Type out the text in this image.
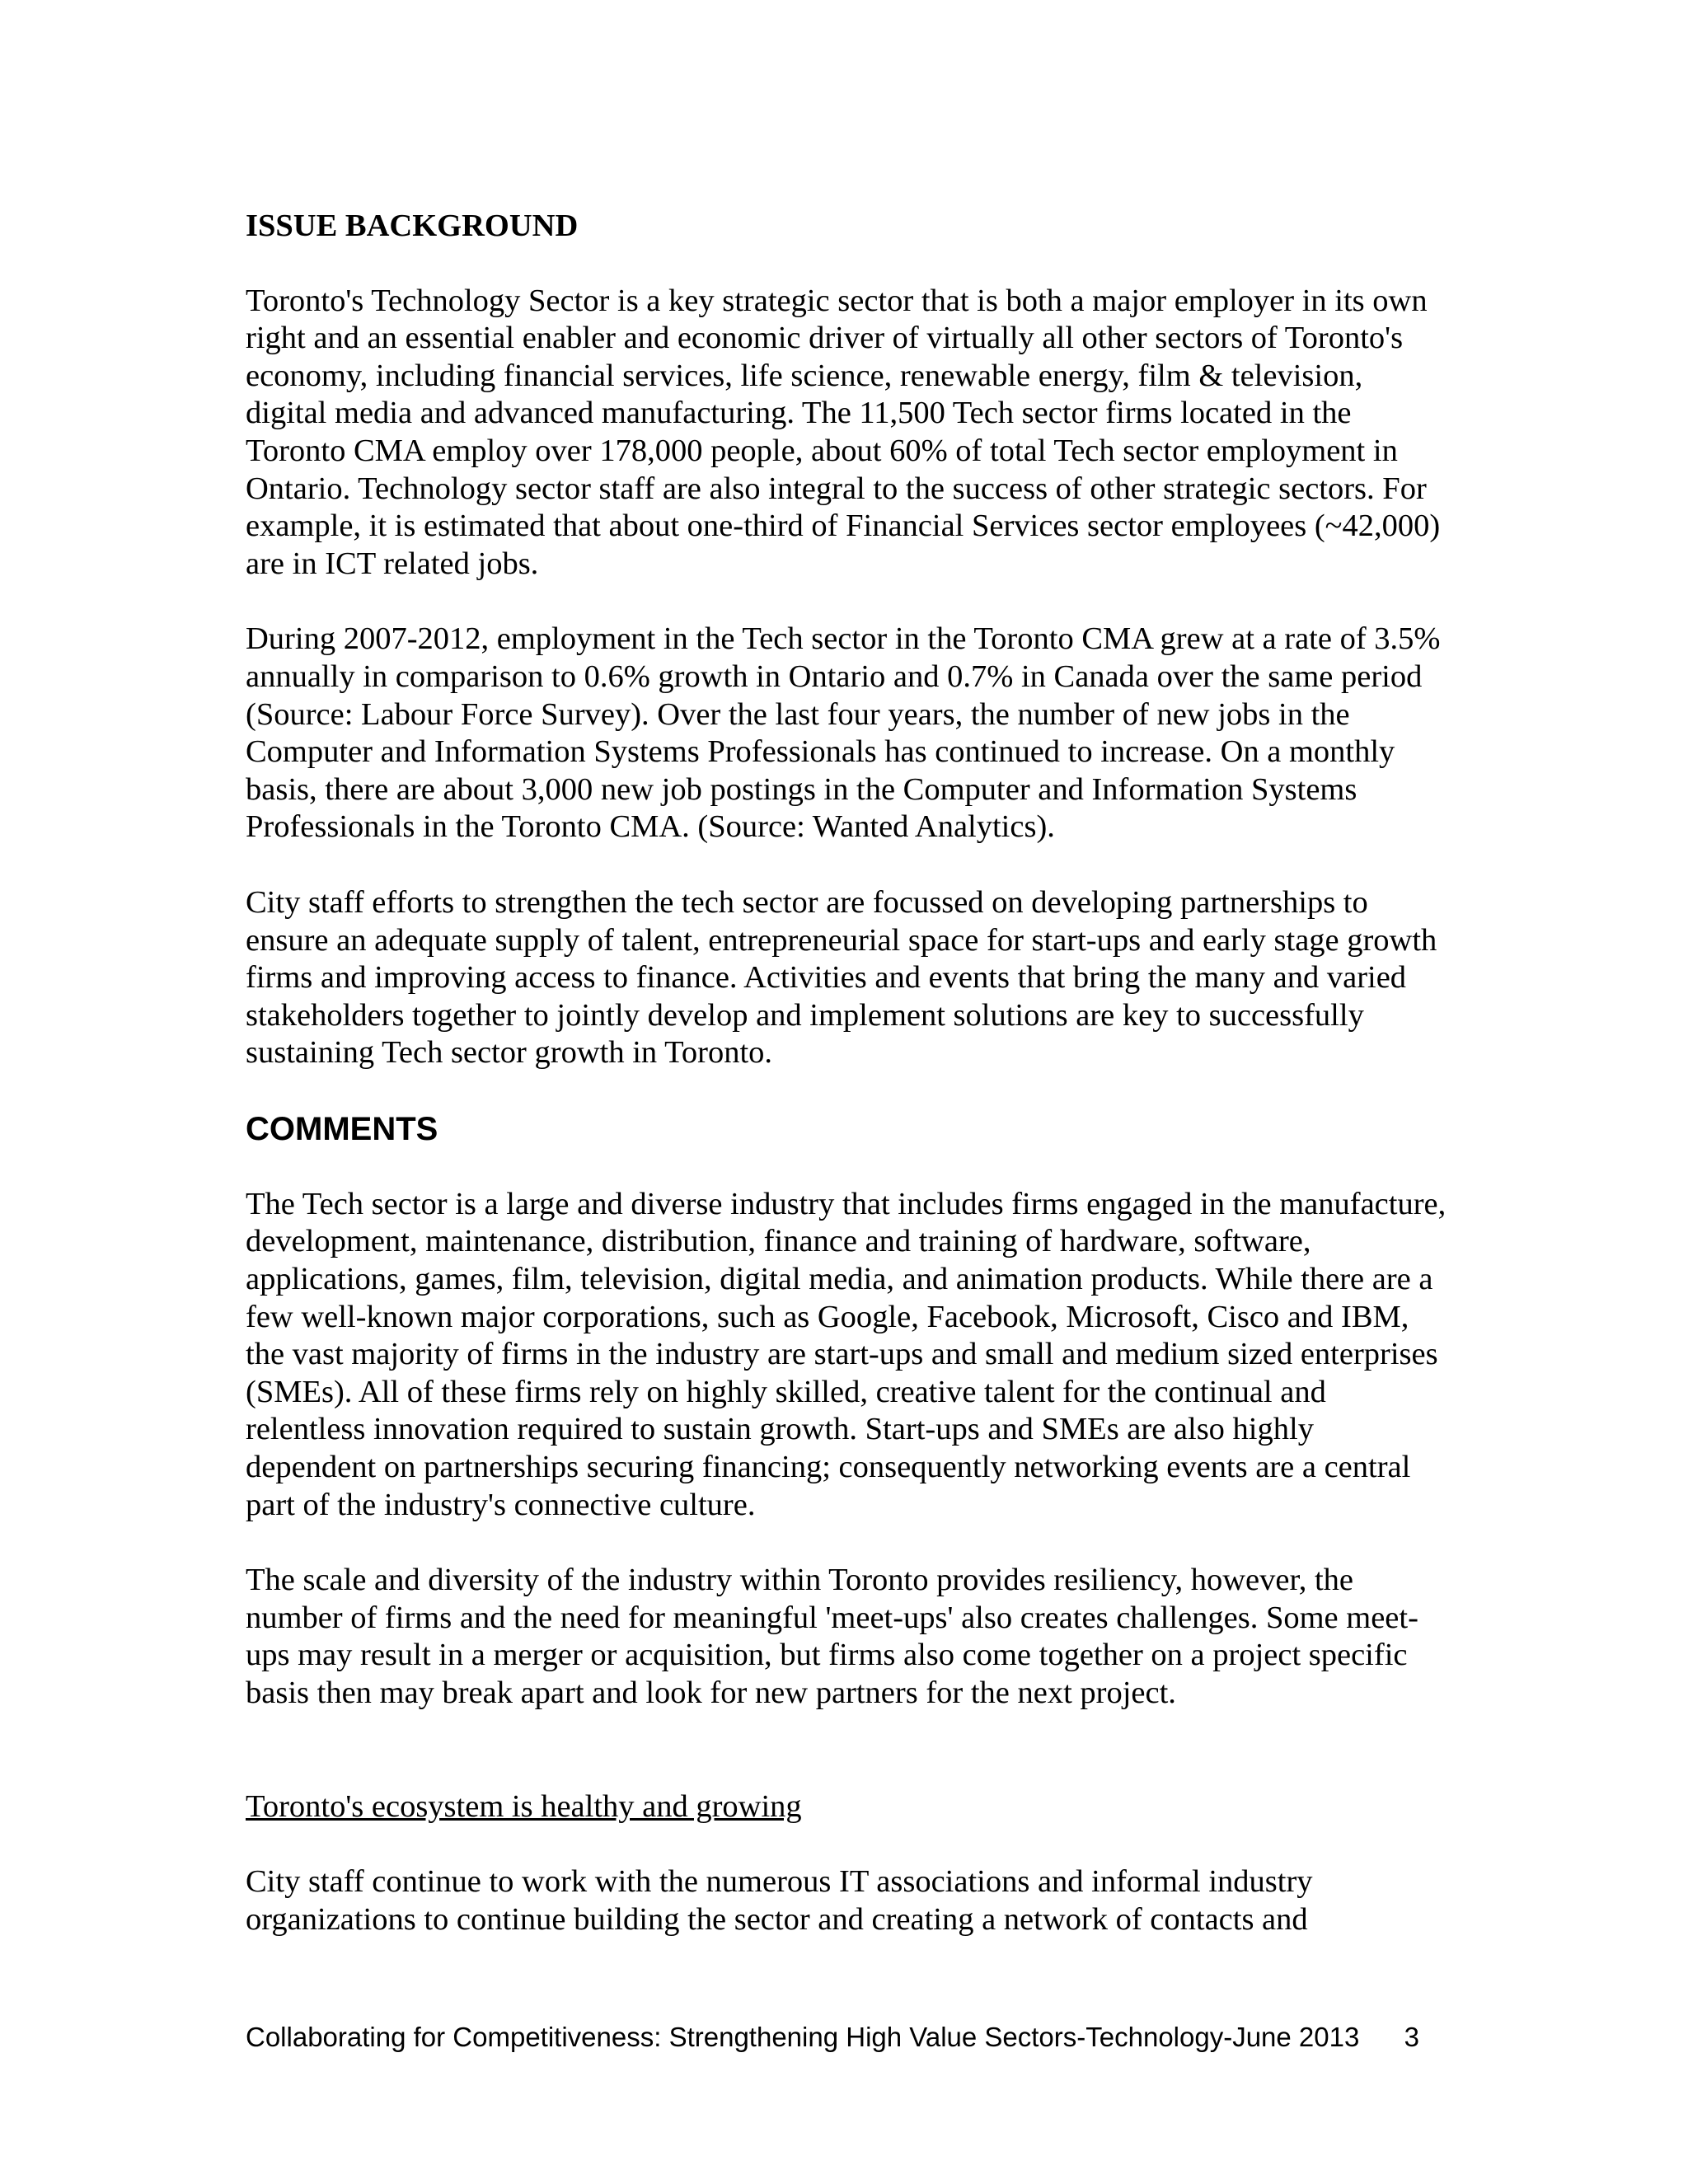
ISSUE BACKGROUND

Toronto's Technology Sector is a key strategic sector that is both a major employer in its own right and an essential enabler and economic driver of virtually all other sectors of Toronto's economy, including financial services, life science, renewable energy, film & television, digital media and advanced manufacturing. The 11,500 Tech sector firms located in the Toronto CMA employ over 178,000 people, about 60% of total Tech sector employment in Ontario. Technology sector staff are also integral to the success of other strategic sectors. For example, it is estimated that about one-third of Financial Services sector employees (~42,000) are in ICT related jobs.

During 2007-2012, employment in the Tech sector in the Toronto CMA grew at a rate of 3.5% annually in comparison to 0.6% growth in Ontario and 0.7% in Canada over the same period (Source: Labour Force Survey). Over the last four years, the number of new jobs in the Computer and Information Systems Professionals has continued to increase. On a monthly basis, there are about 3,000 new job postings in the Computer and Information Systems Professionals in the Toronto CMA. (Source: Wanted Analytics).

City staff efforts to strengthen the tech sector are focussed on developing partnerships to ensure an adequate supply of talent, entrepreneurial space for start-ups and early stage growth firms and improving access to finance. Activities and events that bring the many and varied stakeholders together to jointly develop and implement solutions are key to successfully sustaining Tech sector growth in Toronto.

COMMENTS

The Tech sector is a large and diverse industry that includes firms engaged in the manufacture, development, maintenance, distribution, finance and training of hardware, software, applications, games, film, television, digital media, and animation products. While there are a few well-known major corporations, such as Google, Facebook, Microsoft, Cisco and IBM, the vast majority of firms in the industry are start-ups and small and medium sized enterprises (SMEs). All of these firms rely on highly skilled, creative talent for the continual and relentless innovation required to sustain growth. Start-ups and SMEs are also highly dependent on partnerships securing financing; consequently networking events are a central part of the industry's connective culture.

The scale and diversity of the industry within Toronto provides resiliency, however, the number of firms and the need for meaningful 'meet-ups' also creates challenges. Some meet-ups may result in a merger or acquisition, but firms also come together on a project specific basis then may break apart and look for new partners for the next project.

Toronto's ecosystem is healthy and growing

City staff continue to work with the numerous IT associations and informal industry organizations to continue building the sector and creating a network of contacts and

Collaborating for Competitiveness: Strengthening High Value Sectors-Technology-June 2013 3
